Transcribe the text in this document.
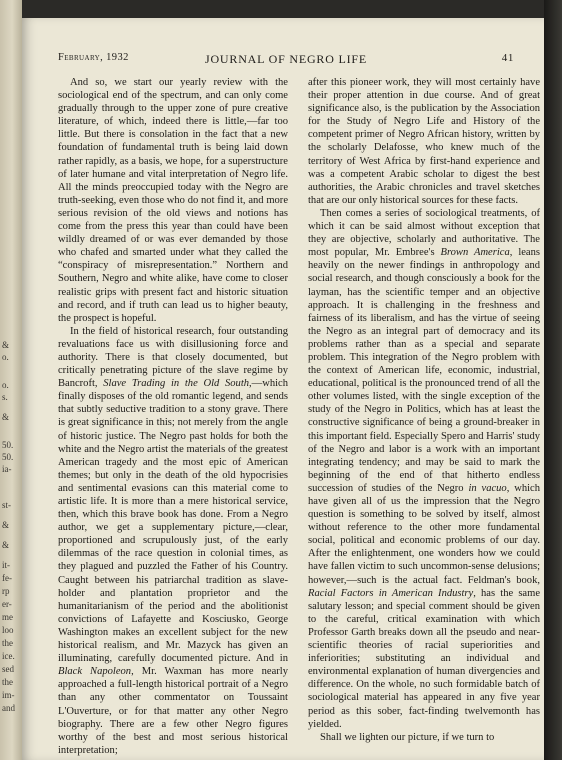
&
o.
o.
s.
&
50.
50.
ia-
st-
&
&
it-
fe-
rp
er-
me
loo
the
ice.
sed
the
im-
and
February, 1932	JOURNAL OF NEGRO LIFE	41

And so, we start our yearly review with the sociological end of the spectrum, and can only come gradually through to the upper zone of pure creative literature, of which, indeed there is little,—far too little. But there is consolation in the fact that a new foundation of fundamental truth is being laid down rather rapidly, as a basis, we hope, for a superstructure of later humane and vital interpretation of Negro life. All the minds preoccupied today with the Negro are truth-seeking, even those who do not find it, and more serious revision of the old views and notions has come from the press this year than could have been wildly dreamed of or was ever demanded by those who chafed and smarted under what they called the “conspiracy of misrepresentation.” Northern and Southern, Negro and white alike, have come to closer realistic grips with present fact and historic situation and record, and if truth can lead us to higher beauty, the prospect is hopeful.

In the field of historical research, four outstanding revaluations face us with disillusioning force and authority. There is that closely documented, but critically penetrating picture of the slave regime by Bancroft, Slave Trading in the Old South,—which finally disposes of the old romantic legend, and sends that subtly seductive tradition to a stony grave. There is great significance in this; not merely from the angle of historic justice. The Negro past holds for both the white and the Negro artist the materials of the greatest American tragedy and the most epic of American themes; but only in the death of the old hypocrisies and sentimental evasions can this material come to artistic life. It is more than a mere historical service, then, which this brave book has done. From a Negro author, we get a supplementary picture,—clear, proportioned and scrupulously just, of the early dilemmas of the race question in colonial times, as they plagued and puzzled the Father of his Country. Caught between his patriarchal tradition as slave-holder and plantation proprietor and the humanitarianism of the period and the abolitionist convictions of Lafayette and Kosciusko, George Washington makes an excellent subject for the new historical realism, and Mr. Mazyck has given an illuminating, carefully documented picture. And in Black Napoleon, Mr. Waxman has more nearly approached a full-length historical portrait of a Negro than any other commentator on Toussaint L'Ouverture, or for that matter any other Negro biography. There are a few other Negro figures worthy of the best and most serious historical interpretation;

after this pioneer work, they will most certainly have their proper attention in due course. And of great significance also, is the publication by the Association for the Study of Negro Life and History of the competent primer of Negro African history, written by the scholarly Delafosse, who knew much of the territory of West Africa by first-hand experience and was a competent Arabic scholar to digest the best authorities, the Arabic chronicles and travel sketches that are our only historical sources for these facts.

Then comes a series of sociological treatments, of which it can be said almost without exception that they are objective, scholarly and authoritative. The most popular, Mr. Embree's Brown America, leans heavily on the newer findings in anthropology and social research, and though consciously a book for the layman, has the scientific temper and an objective approach. It is challenging in the freshness and fairness of its liberalism, and has the virtue of seeing the Negro as an integral part of democracy and its problems rather than as a special and separate problem. This integration of the Negro problem with the context of American life, economic, industrial, educational, political is the pronounced trend of all the other volumes listed, with the single exception of the study of the Negro in Politics, which has at least the constructive significance of being a ground-breaker in this important field. Especially Spero and Harris' study of the Negro and labor is a work with an important integrating tendency; and may be said to mark the beginning of the end of that hitherto endless succession of studies of the Negro in vacuo, which have given all of us the impression that the Negro question is something to be solved by itself, almost without reference to the other more fundamental social, political and economic problems of our day. After the enlightenment, one wonders how we could have fallen victim to such uncommon-sense delusions; however,—such is the actual fact. Feldman's book, Racial Factors in American Industry, has the same salutary lesson; and special comment should be given to the careful, critical examination with which Professor Garth breaks down all the pseudo and near-scientific theories of racial superiorities and inferiorities; substituting an individual and environmental explanation of human divergencies and difference. On the whole, no such formidable batch of sociological material has appeared in any five year period as this sober, fact-finding twelvemonth has yielded.

Shall we lighten our picture, if we turn to
